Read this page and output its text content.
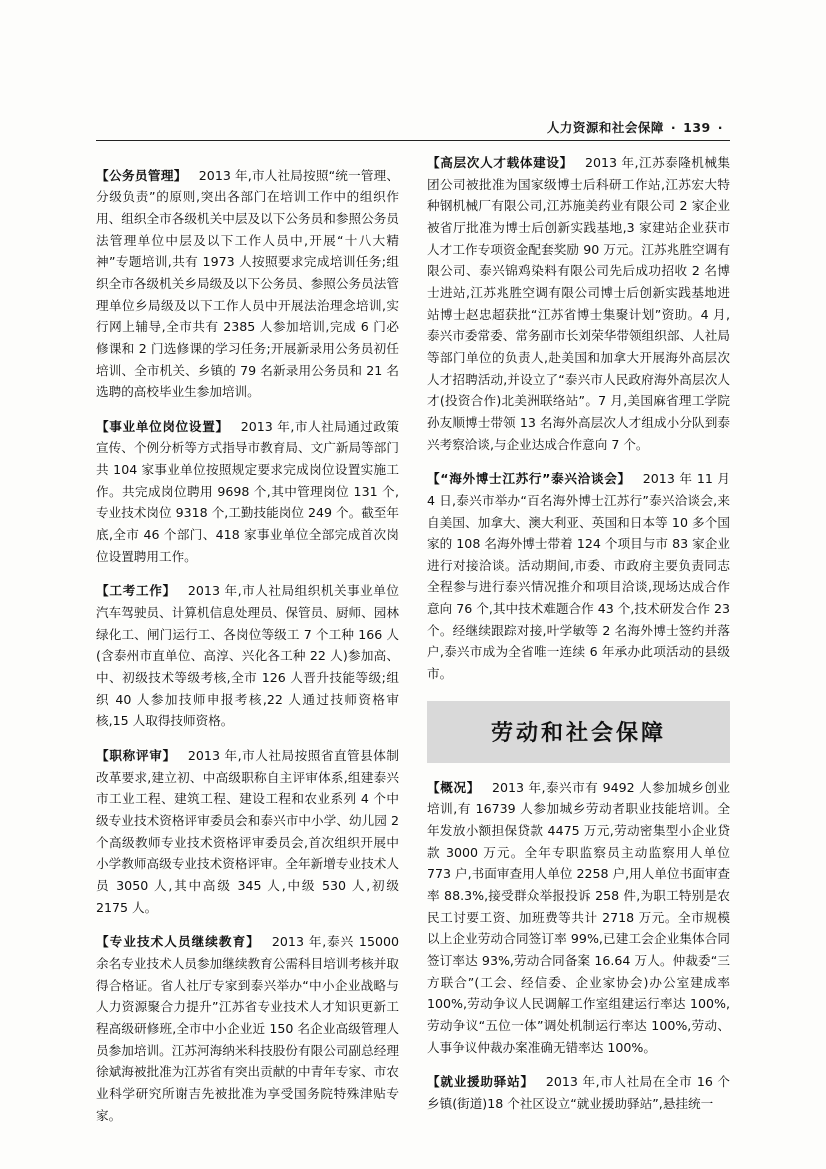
人力资源和社会保障 · 139 ·

【公务员管理】 2013 年,市人社局按照“统一管理、分级负责”的原则,突出各部门在培训工作中的组织作用、组织全市各级机关中层及以下公务员和参照公务员法管理单位中层及以下工作人员中,开展“十八大精神”专题培训,共有 1973 人按照要求完成培训任务;组织全市各级机关乡局级及以下公务员、参照公务员法管理单位乡局级及以下工作人员中开展法治理念培训,实行网上辅导,全市共有 2385 人参加培训,完成 6 门必修课和 2 门选修课的学习任务;开展新录用公务员初任培训、全市机关、乡镇的 79 名新录用公务员和 21 名选聘的高校毕业生参加培训。

【事业单位岗位设置】 2013 年,市人社局通过政策宣传、个例分析等方式指导市教育局、文广新局等部门共 104 家事业单位按照规定要求完成岗位设置实施工作。共完成岗位聘用 9698 个,其中管理岗位 131 个,专业技术岗位 9318 个,工勤技能岗位 249 个。截至年底,全市 46 个部门、418 家事业单位全部完成首次岗位设置聘用工作。

【工考工作】 2013 年,市人社局组织机关事业单位汽车驾驶员、计算机信息处理员、保管员、厨师、园林绿化工、闸门运行工、各岗位等级工 7 个工种 166 人(含泰州市直单位、高淳、兴化各工种 22 人)参加高、中、初级技术等级考核,全市 126 人晋升技能等级;组织 40 人参加技师申报考核,22 人通过技师资格审核,15 人取得技师资格。

【职称评审】 2013 年,市人社局按照省直管县体制改革要求,建立初、中高级职称自主评审体系,组建泰兴市工业工程、建筑工程、建设工程和农业系列 4 个中级专业技术资格评审委员会和泰兴市中小学、幼儿园 2 个高级教师专业技术资格评审委员会,首次组织开展中小学教师高级专业技术资格评审。全年新增专业技术人员 3050 人,其中高级 345 人,中级 530 人,初级 2175 人。

【专业技术人员继续教育】 2013 年,泰兴 15000 余名专业技术人员参加继续教育公需科目培训考核并取得合格证。省人社厅专家到泰兴举办“中小企业战略与人力资源聚合力提升”江苏省专业技术人才知识更新工程高级研修班,全市中小企业近 150 名企业高级管理人员参加培训。江苏河海纳米科技股份有限公司副总经理徐斌海被批准为江苏省有突出贡献的中青年专家、市农业科学研究所谢吉先被批准为享受国务院特殊津贴专家。

【高层次人才载体建设】 2013 年,江苏泰隆机械集团公司被批准为国家级博士后科研工作站,江苏宏大特种钢机械厂有限公司,江苏施美药业有限公司 2 家企业被省厅批准为博士后创新实践基地,3 家建站企业获市人才工作专项资金配套奖励 90 万元。江苏兆胜空调有限公司、泰兴锦鸡染料有限公司先后成功招收 2 名博士进站,江苏兆胜空调有限公司博士后创新实践基地进站博士赵忠超获批“江苏省博士集聚计划”资助。4 月,泰兴市委常委、常务副市长刘荣华带领组织部、人社局等部门单位的负责人,赴美国和加拿大开展海外高层次人才招聘活动,并设立了“泰兴市人民政府海外高层次人才(投资合作)北美洲联络站”。7 月,美国麻省理工学院孙友顺博士带领 13 名海外高层次人才组成小分队到泰兴考察洽谈,与企业达成合作意向 7 个。

【“海外博士江苏行”泰兴洽谈会】 2013 年 11 月 4 日,泰兴市举办“百名海外博士江苏行”泰兴洽谈会,来自美国、加拿大、澳大利亚、英国和日本等 10 多个国家的 108 名海外博士带着 124 个项目与市 83 家企业进行对接洽谈。活动期间,市委、市政府主要负责同志全程参与进行泰兴情况推介和项目洽谈,现场达成合作意向 76 个,其中技术难题合作 43 个,技术研发合作 23 个。经继续跟踪对接,叶学敏等 2 名海外博士签约并落户,泰兴市成为全省唯一连续 6 年承办此项活动的县级市。

劳动和社会保障

【概况】 2013 年,泰兴市有 9492 人参加城乡创业培训,有 16739 人参加城乡劳动者职业技能培训。全年发放小额担保贷款 4475 万元,劳动密集型小企业贷款 3000 万元。全年专职监察员主动监察用人单位 773 户,书面审查用人单位 2258 户,用人单位书面审查率 88.3%,接受群众举报投诉 258 件,为职工特别是农民工讨要工资、加班费等共计 2718 万元。全市规模以上企业劳动合同签订率 99%,已建工会企业集体合同签订率达 93%,劳动合同备案 16.64 万人。仲裁委“三方联合”(工会、经信委、企业家协会)办公室建成率 100%,劳动争议人民调解工作室组建运行率达 100%,劳动争议“五位一体”调处机制运行率达 100%,劳动、人事争议仲裁办案准确无错率达 100%。

【就业援助驿站】 2013 年,市人社局在全市 16 个乡镇(街道)18 个社区设立“就业援助驿站”,悬挂统一
